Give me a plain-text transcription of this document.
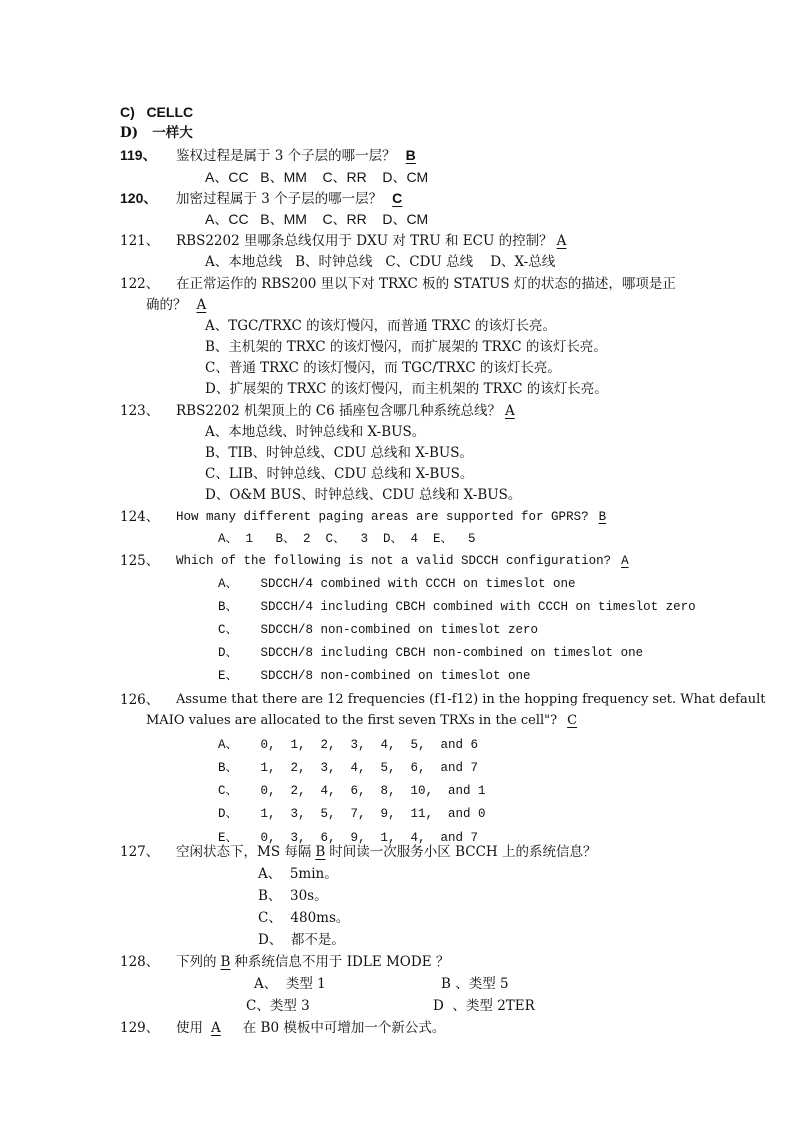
C)   CELLC
D)   一样大
119、 鉴权过程是属于 3 个子层的哪一层？ B
A、CC   B、MM    C、RR    D、CM
120、 加密过程属于 3 个子层的哪一层？ C
A、CC   B、MM    C、RR    D、CM
121、 RBS2202 里哪条总线仅用于 DXU 对 TRU 和 ECU 的控制？ A
A、本地总线   B、时钟总线   C、CDU 总线    D、X-总线
122、 在正常运作的 RBS200 里以下对 TRXC 板的 STATUS 灯的状态的描述，哪项是正
确的？ A
A、TGC/TRXC 的该灯慢闪，而普通 TRXC 的该灯长亮。
B、主机架的 TRXC 的该灯慢闪，而扩展架的 TRXC 的该灯长亮。
C、普通 TRXC 的该灯慢闪，而 TGC/TRXC 的该灯长亮。
D、扩展架的 TRXC 的该灯慢闪，而主机架的 TRXC 的该灯长亮。
123、 RBS2202 机架顶上的 C6 插座包含哪几种系统总线？ A
A、本地总线、时钟总线和 X-BUS。
B、TIB、时钟总线、CDU 总线和 X-BUS。
C、LIB、时钟总线、CDU 总线和 X-BUS。
D、O&M BUS、时钟总线、CDU 总线和 X-BUS。
124、 How many different paging areas are supported for GPRS? B
A、 1   B、 2  C、  3  D、 4  E、  5
125、 Which of the following is not a valid SDCCH configuration? A
A、   SDCCH/4 combined with CCCH on timeslot one
B、   SDCCH/4 including CBCH combined with CCCH on timeslot zero
C、   SDCCH/8 non-combined on timeslot zero
D、   SDCCH/8 including CBCH non-combined on timeslot one
E、   SDCCH/8 non-combined on timeslot one
126、 Assume that there are 12 frequencies (f1-f12) in the hopping frequency set. What default
MAIO values are allocated to the first seven TRXs in the cell"? C
A、   0,  1,  2,  3,  4,  5,  and 6
B、   1,  2,  3,  4,  5,  6,  and 7
C、   0,  2,  4,  6,  8,  10,  and 1
D、   1,  3,  5,  7,  9,  11,  and 0
E、   0,  3,  6,  9,  1,  4,  and 7
127、 空闲状态下，MS 每隔 B 时间读一次服务小区 BCCH 上的系统信息？
A、  5min。
B、  30s。
C、  480ms。
D、  都不是。
128、 下列的 B 种系统信息不用于 IDLE MODE ？
A、  类型 1	B 、类型 5
C、类型 3	D  、类型 2TER
129、 使用 A 在 B0 模板中可增加一个新公式。
